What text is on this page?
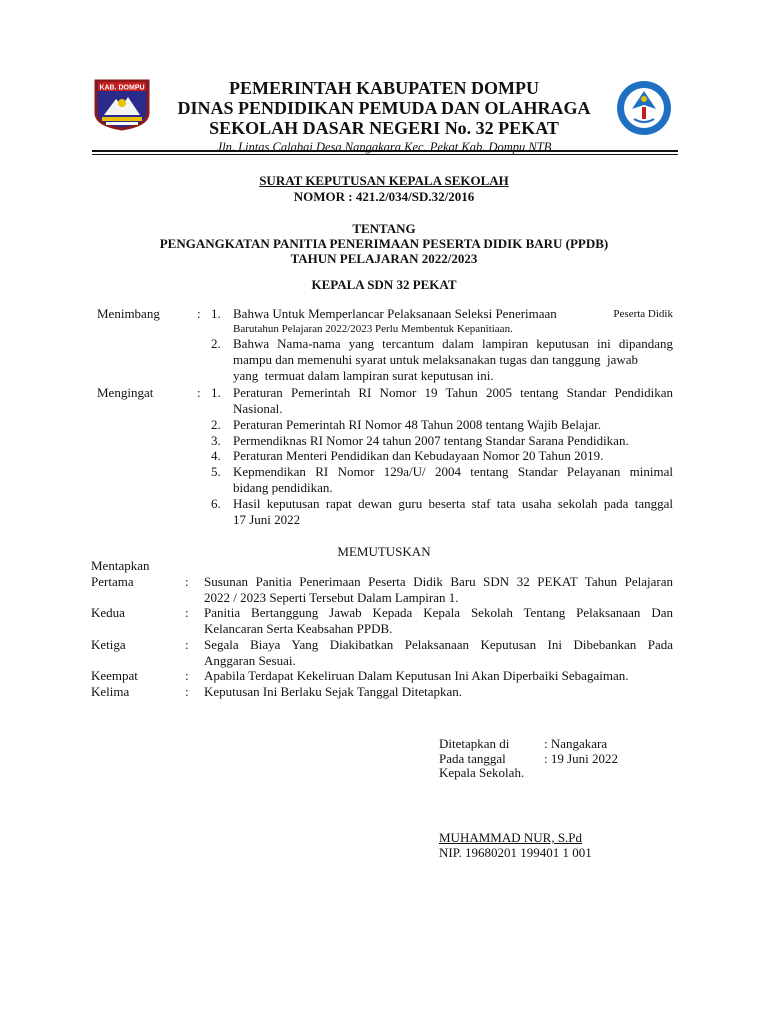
KAB. DOMPU	PEMERINTAH KABUPATEN DOMPU
DINAS PENDIDIKAN PEMUDA DAN OLAHRAGA
SEKOLAH DASAR NEGERI No. 32 PEKAT
Jln. Lintas Calabai Desa Nangakara Kec. Pekat Kab. Dompu NTB
SURAT KEPUTUSAN KEPALA SEKOLAH
NOMOR : 421.2/034/SD.32/2016
TENTANG
PENGANGKATAN PANITIA PENERIMAAN PESERTA DIDIK BARU (PPDB)
TAHUN PELAJARAN 2022/2023
KEPALA SDN 32 PEKAT
Menimbang	: 1. Bahwa Untuk Memperlancar Pelaksanaan Seleksi Penerimaan	Peserta Didik
Barutahun Pelajaran 2022/2023 Perlu Membentuk Kepanitiaan.
2. Bahwa Nama-nama yang tercantum dalam lampiran keputusan ini dipandang
mampu dan memenuhi syarat untuk melaksanakan tugas dan tanggung  jawab
yang  termuat dalam lampiran surat keputusan ini.
Mengingat	: 1. Peraturan Pemerintah RI Nomor 19 Tahun 2005 tentang Standar Pendidikan
Nasional.
2. Peraturan Pemerintah RI Nomor 48 Tahun 2008 tentang Wajib Belajar.
3. Permendiknas RI Nomor 24 tahun 2007 tentang Standar Sarana Pendidikan.
4. Peraturan Menteri Pendidikan dan Kebudayaan Nomor 20 Tahun 2019.
5. Kepmendikan RI Nomor 129a/U/ 2004 tentang Standar Pelayanan minimal
bidang pendidikan.
6. Hasil keputusan rapat dewan guru beserta staf tata usaha sekolah pada tanggal
17 Juni 2022
MEMUTUSKAN
Mentapkan
Pertama	: Susunan Panitia Penerimaan Peserta Didik Baru SDN 32 PEKAT Tahun Pelajaran
2022 / 2023 Seperti Tersebut Dalam Lampiran 1.
Kedua	: Panitia Bertanggung Jawab Kepada Kepala Sekolah Tentang Pelaksanaan Dan
Kelancaran Serta Keabsahan PPDB.
Ketiga	: Segala Biaya Yang Diakibatkan Pelaksanaan Keputusan Ini Dibebankan Pada
Anggaran Sesuai.
Keempat	: Apabila Terdapat Kekeliruan Dalam Keputusan Ini Akan Diperbaiki Sebagaiman.
Kelima	: Keputusan Ini Berlaku Sejak Tanggal Ditetapkan.
Ditetapkan di	: Nangakara
Pada tanggal	: 19 Juni 2022
Kepala Sekolah.
MUHAMMAD NUR, S.Pd
NIP. 19680201 199401 1 001
